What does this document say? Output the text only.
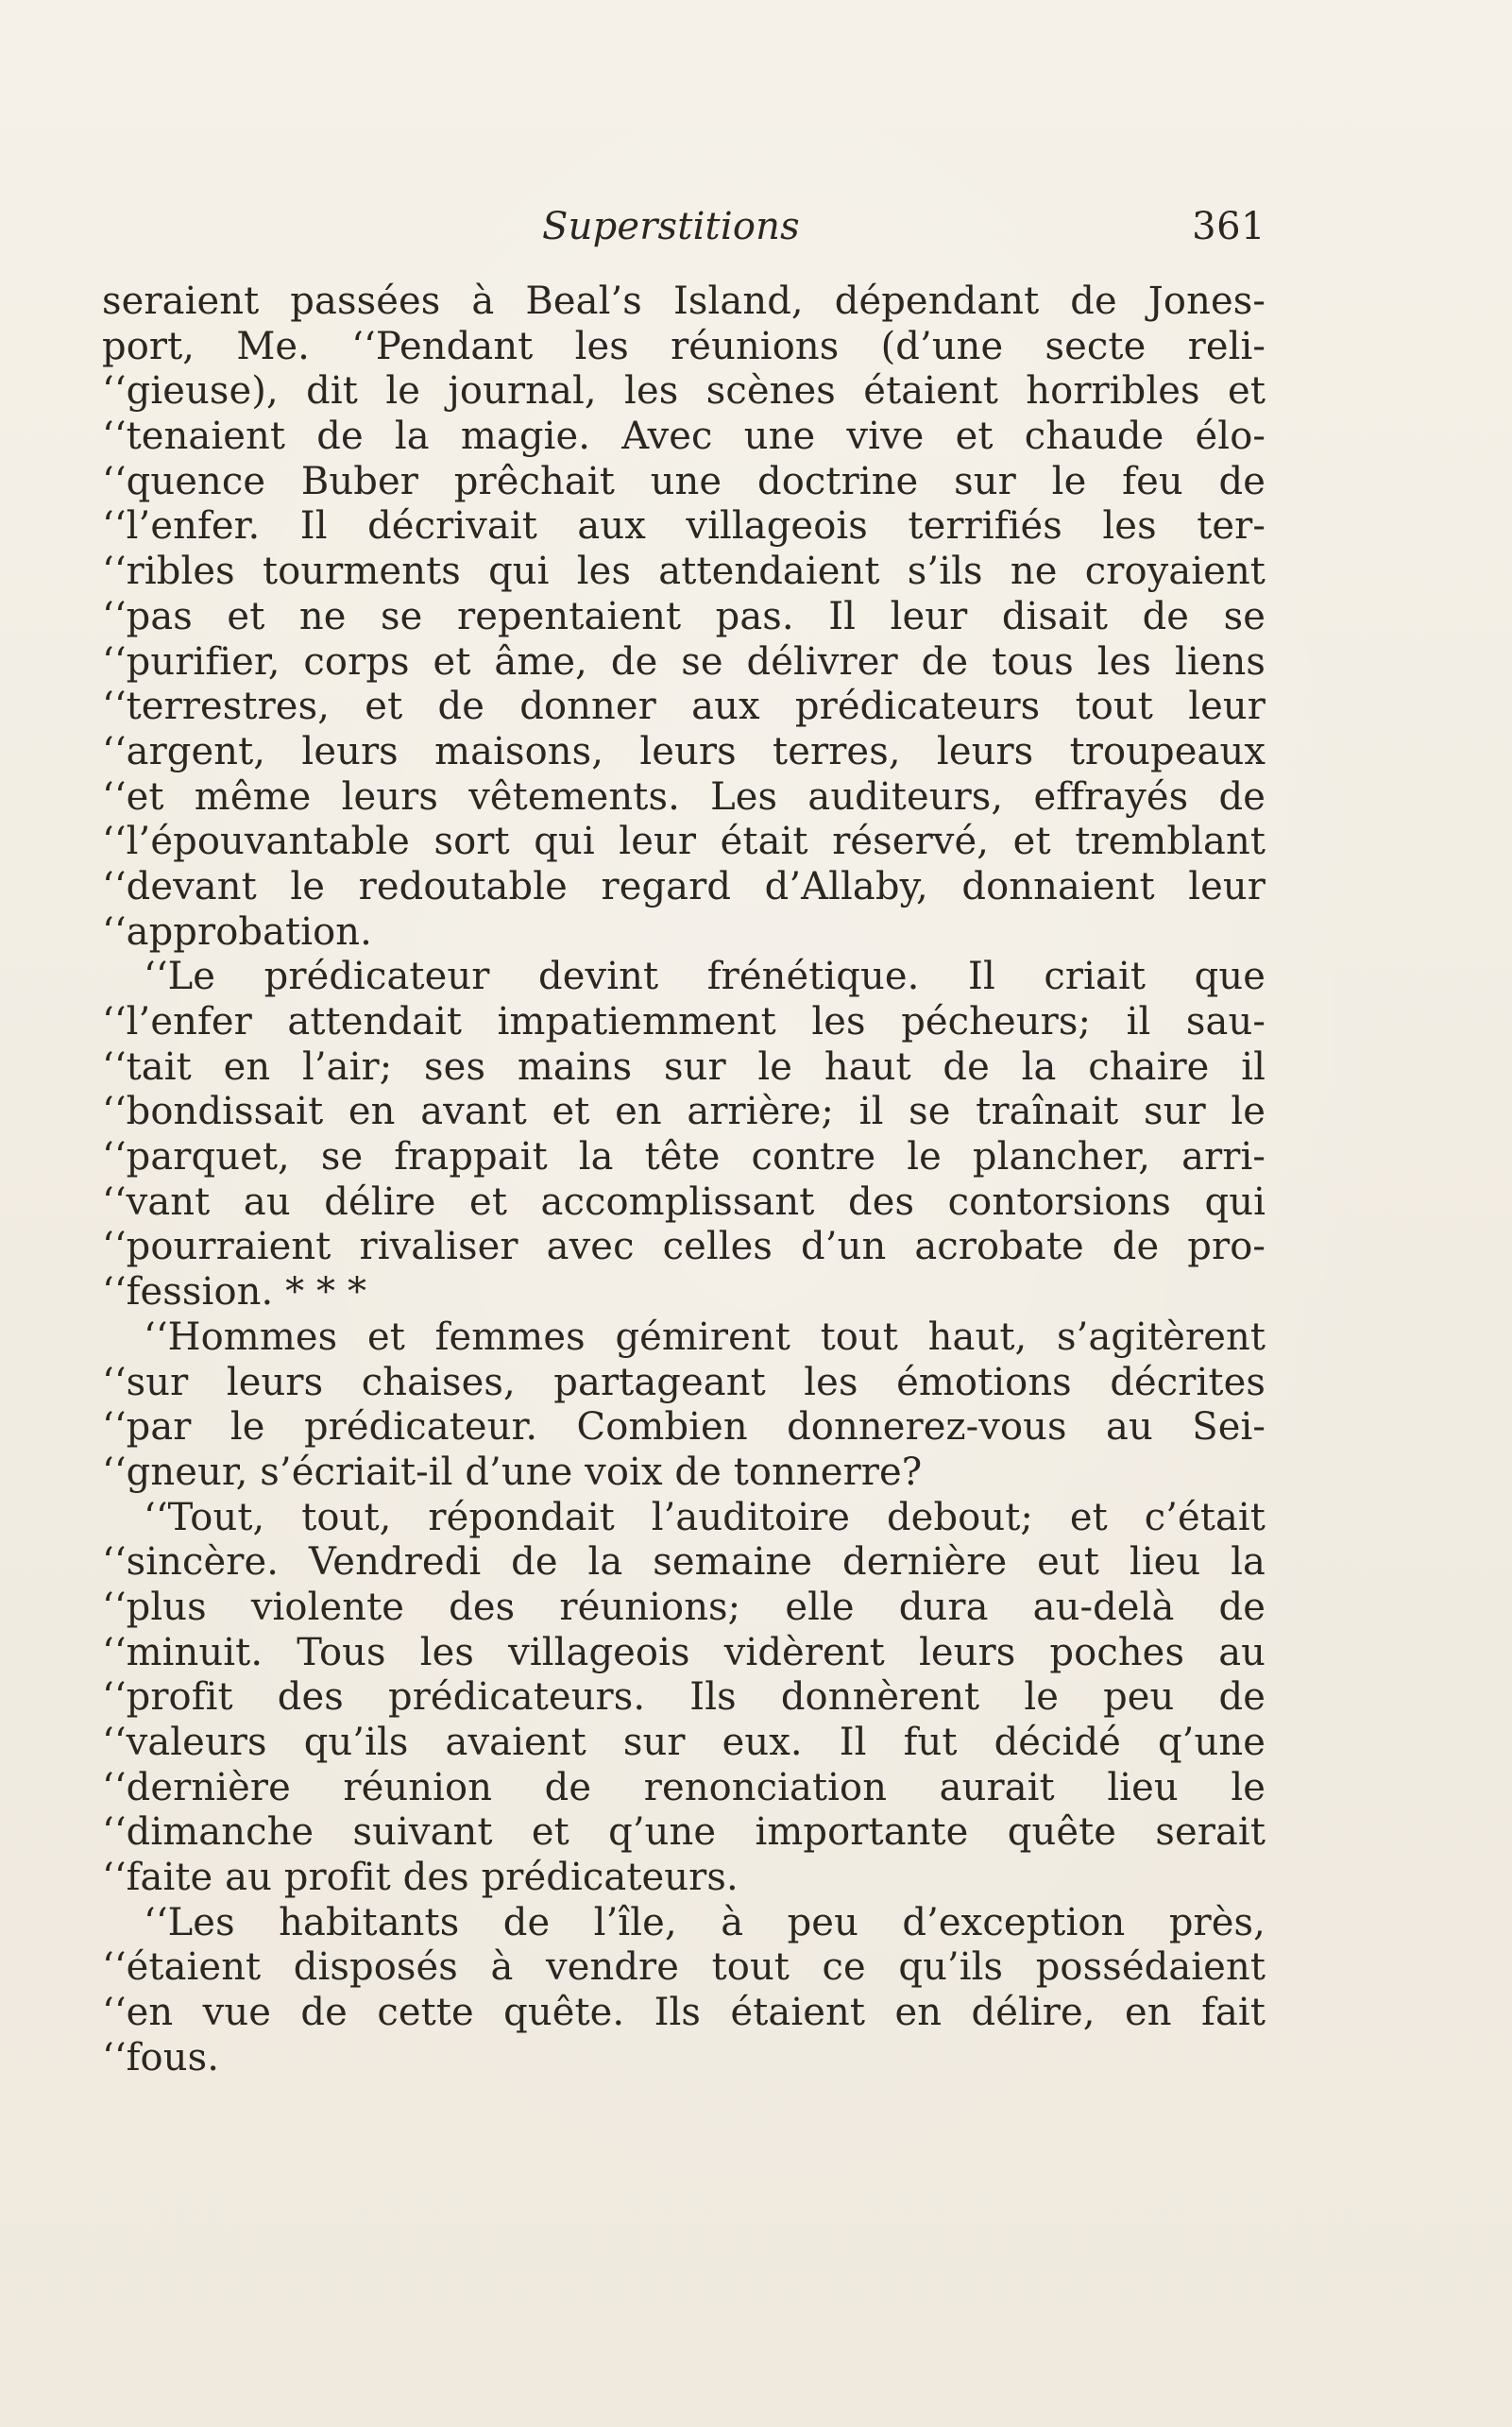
Superstitions	361
seraient passées à Beal’s Island, dépendant de Jones-
port, Me. ‘‘Pendant les réunions (d’une secte reli-
‘‘gieuse), dit le journal, les scènes étaient horribles et
‘‘tenaient de la magie. Avec une vive et chaude élo-
‘‘quence Buber prêchait une doctrine sur le feu de
‘‘l’enfer. Il décrivait aux villageois terrifiés les ter-
‘‘ribles tourments qui les attendaient s’ils ne croyaient
‘‘pas et ne se repentaient pas. Il leur disait de se
‘‘purifier, corps et âme, de se délivrer de tous les liens
‘‘terrestres, et de donner aux prédicateurs tout leur
‘‘argent, leurs maisons, leurs terres, leurs troupeaux
‘‘et même leurs vêtements. Les auditeurs, effrayés de
‘‘l’épouvantable sort qui leur était réservé, et tremblant
‘‘devant le redoutable regard d’Allaby, donnaient leur
‘‘approbation.
‘‘Le prédicateur devint frénétique. Il criait que
‘‘l’enfer attendait impatiemment les pécheurs; il sau-
‘‘tait en l’air; ses mains sur le haut de la chaire il
‘‘bondissait en avant et en arrière; il se traînait sur le
‘‘parquet, se frappait la tête contre le plancher, arri-
‘‘vant au délire et accomplissant des contorsions qui
‘‘pourraient rivaliser avec celles d’un acrobate de pro-
‘‘fession. * * *
‘‘Hommes et femmes gémirent tout haut, s’agitèrent
‘‘sur leurs chaises, partageant les émotions décrites
‘‘par le prédicateur. Combien donnerez-vous au Sei-
‘‘gneur, s’écriait-il d’une voix de tonnerre?
‘‘Tout, tout, répondait l’auditoire debout; et c’était
‘‘sincère. Vendredi de la semaine dernière eut lieu la
‘‘plus violente des réunions; elle dura au-delà de
‘‘minuit. Tous les villageois vidèrent leurs poches au
‘‘profit des prédicateurs. Ils donnèrent le peu de
‘‘valeurs qu’ils avaient sur eux. Il fut décidé q’une
‘‘dernière réunion de renonciation aurait lieu le
‘‘dimanche suivant et q’une importante quête serait
‘‘faite au profit des prédicateurs.
‘‘Les habitants de l’île, à peu d’exception près,
‘‘étaient disposés à vendre tout ce qu’ils possédaient
‘‘en vue de cette quête. Ils étaient en délire, en fait
‘‘fous.
